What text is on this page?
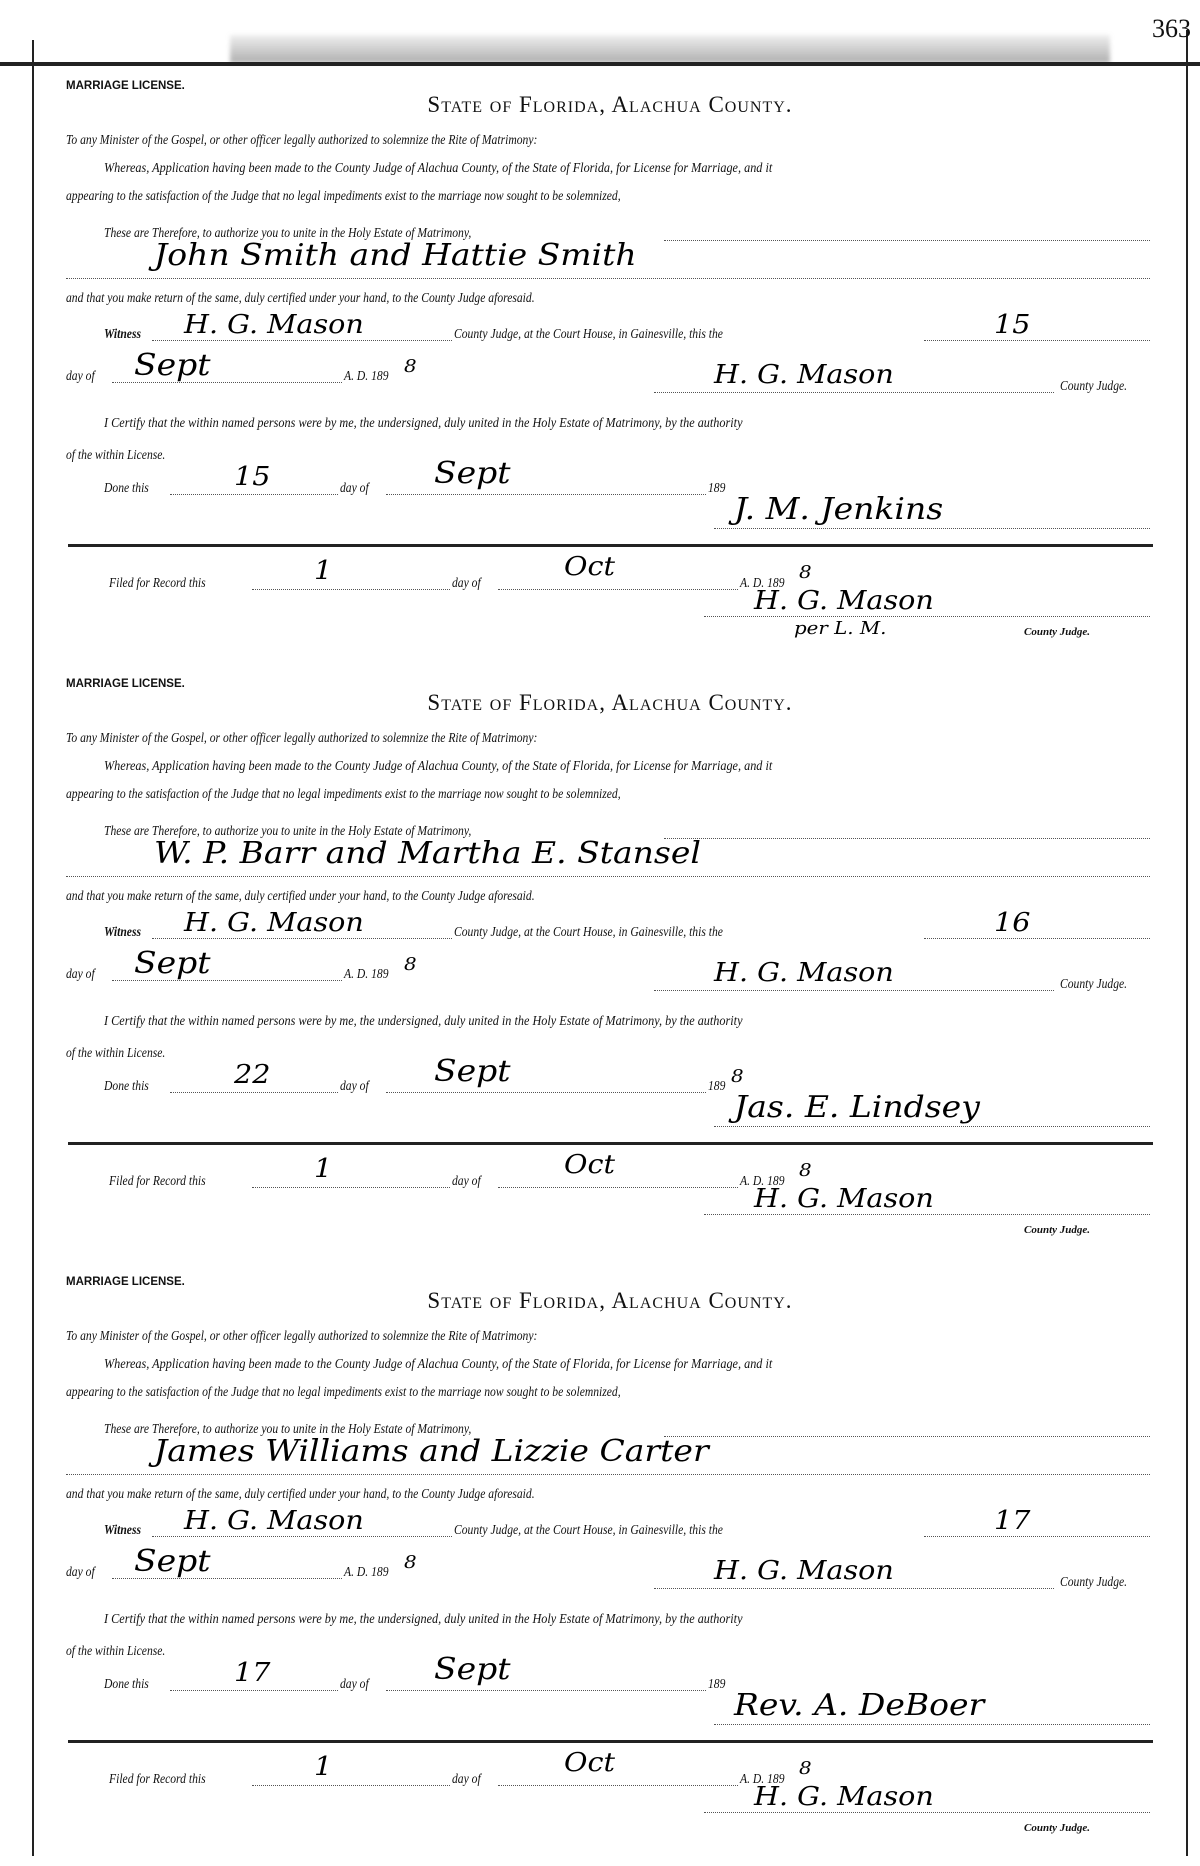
363
MARRIAGE LICENSE.
State of Florida, Alachua County.
To any Minister of the Gospel, or other officer legally authorized to solemnize the Rite of Matrimony:
Whereas, Application having been made to the County Judge of Alachua County, of the State of Florida, for License for Marriage, and it
appearing to the satisfaction of the Judge that no legal impediments exist to the marriage now sought to be solemnized,
These are Therefore, to authorize you to unite in the Holy Estate of Matrimony,
John Smith and Hattie Smith
and that you make return of the same, duly certified under your hand, to the County Judge aforesaid.
Witness H. G. Mason	County Judge, at the Court House, in Gainesville, this the	15
day of Sept	A. D. 189 8	H. G. Mason	County Judge.
I Certify that the within named persons were by me, the undersigned, duly united in the Holy Estate of Matrimony, by the authority
of the within License.
Done this	15	day of Sept	189
J. M. Jenkins
Filed for Record this	1	day of
Oct
A. D. 189 8
H. G. Mason
per L. M.	County Judge.
MARRIAGE LICENSE.
State of Florida, Alachua County.
To any Minister of the Gospel, or other officer legally authorized to solemnize the Rite of Matrimony:
Whereas, Application having been made to the County Judge of Alachua County, of the State of Florida, for License for Marriage, and it
appearing to the satisfaction of the Judge that no legal impediments exist to the marriage now sought to be solemnized,
These are Therefore, to authorize you to unite in the Holy Estate of Matrimony,
W. P. Barr and Martha E. Stansel
and that you make return of the same, duly certified under your hand, to the County Judge aforesaid.
Witness H. G. Mason	County Judge, at the Court House, in Gainesville, this the	16
day of Sept	A. D. 189 8	H. G. Mason	County Judge.
I Certify that the within named persons were by me, the undersigned, duly united in the Holy Estate of Matrimony, by the authority
of the within License.
Done this	22	day of Sept	189 8
Jas. E. Lindsey
Filed for Record this	1	day of
Oct
A. D. 189 8
H. G. Mason
County Judge.
MARRIAGE LICENSE.
State of Florida, Alachua County.
To any Minister of the Gospel, or other officer legally authorized to solemnize the Rite of Matrimony:
Whereas, Application having been made to the County Judge of Alachua County, of the State of Florida, for License for Marriage, and it
appearing to the satisfaction of the Judge that no legal impediments exist to the marriage now sought to be solemnized,
These are Therefore, to authorize you to unite in the Holy Estate of Matrimony,
James Williams and Lizzie Carter
and that you make return of the same, duly certified under your hand, to the County Judge aforesaid.
Witness H. G. Mason	County Judge, at the Court House, in Gainesville, this the	17
day of Sept	A. D. 189 8	H. G. Mason	County Judge.
I Certify that the within named persons were by me, the undersigned, duly united in the Holy Estate of Matrimony, by the authority
of the within License.
Done this	17	day of Sept	189
Rev. A. DeBoer
Filed for Record this	1	day of
Oct
A. D. 189 8
H. G. Mason
County Judge.
